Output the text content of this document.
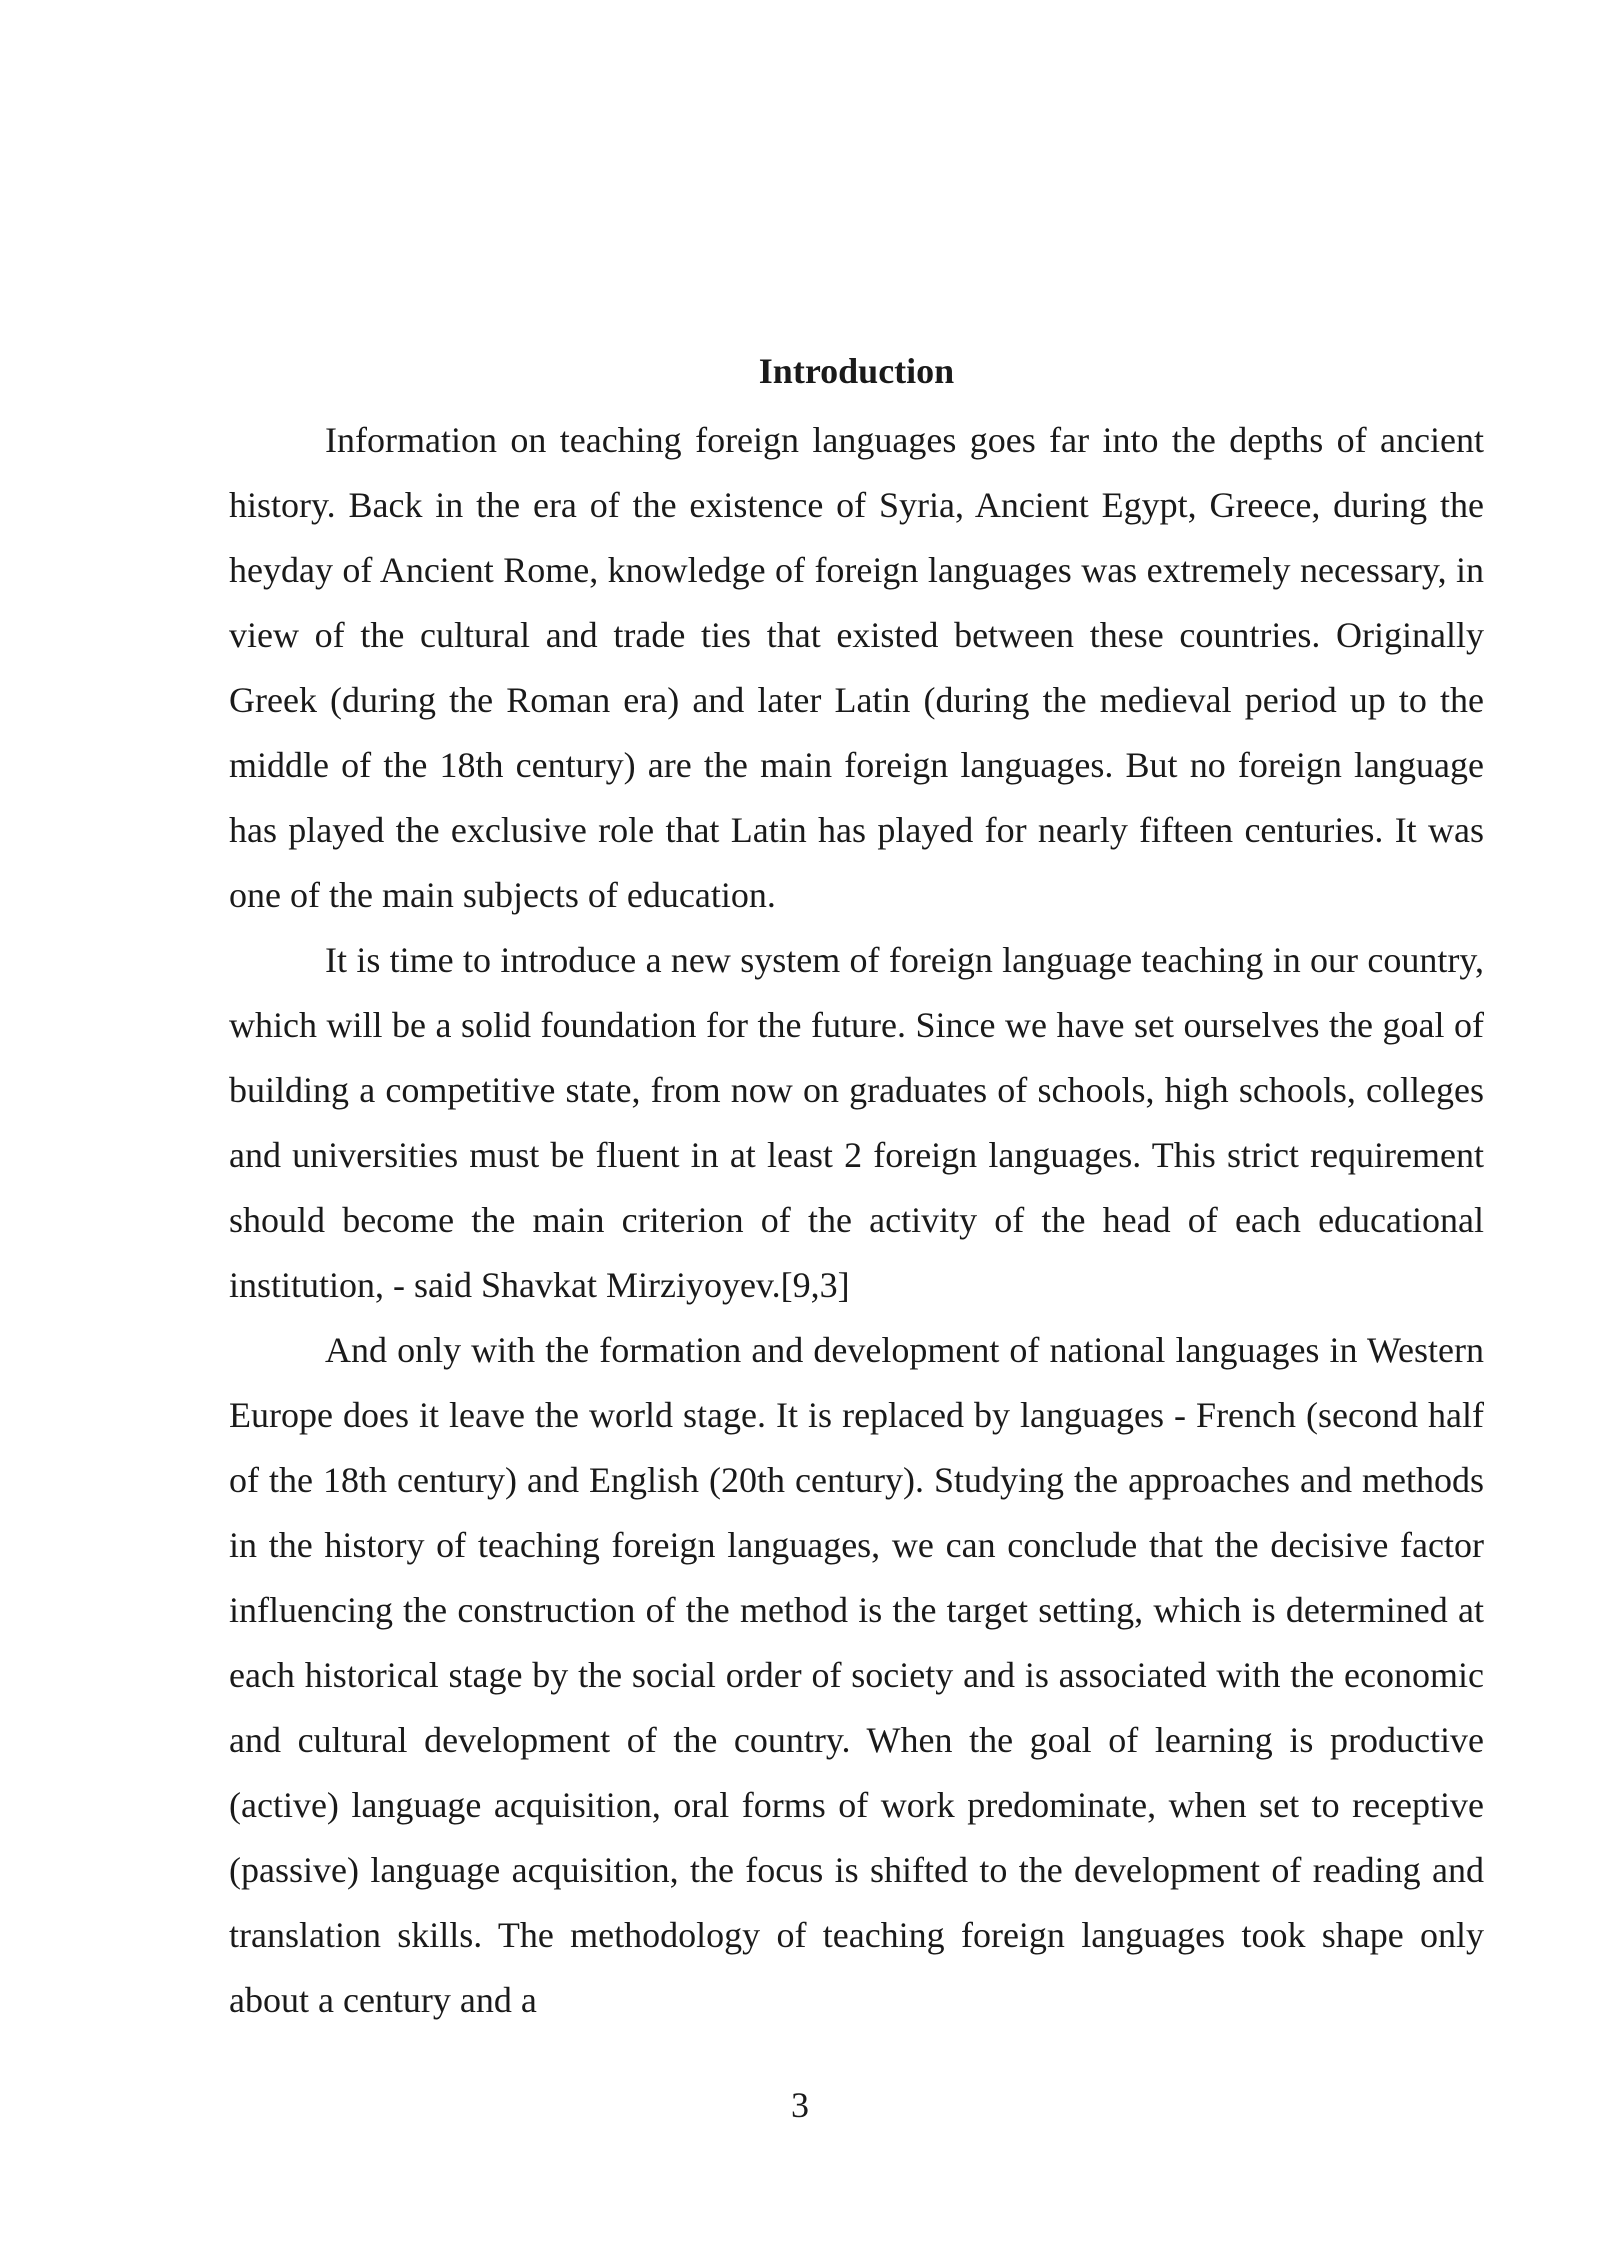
Introduction

Information on teaching foreign languages goes far into the depths of ancient history. Back in the era of the existence of Syria, Ancient Egypt, Greece, during the heyday of Ancient Rome, knowledge of foreign languages was extremely necessary, in view of the cultural and trade ties that existed between these countries. Originally Greek (during the Roman era) and later Latin (during the medieval period up to the middle of the 18th century) are the main foreign languages. But no foreign language has played the exclusive role that Latin has played for nearly fifteen centuries. It was one of the main subjects of education.

It is time to introduce a new system of foreign language teaching in our country, which will be a solid foundation for the future. Since we have set ourselves the goal of building a competitive state, from now on graduates of schools, high schools, colleges and universities must be fluent in at least 2 foreign languages. This strict requirement should become the main criterion of the activity of the head of each educational institution, - said Shavkat Mirziyoyev.[9,3]

And only with the formation and development of national languages in Western Europe does it leave the world stage. It is replaced by languages - French (second half of the 18th century) and English (20th century). Studying the approaches and methods in the history of teaching foreign languages, we can conclude that the decisive factor influencing the construction of the method is the target setting, which is determined at each historical stage by the social order of society and is associated with the economic and cultural development of the country. When the goal of learning is productive (active) language acquisition, oral forms of work predominate, when set to receptive (passive) language acquisition, the focus is shifted to the development of reading and translation skills. The methodology of teaching foreign languages took shape only about a century and a

3
